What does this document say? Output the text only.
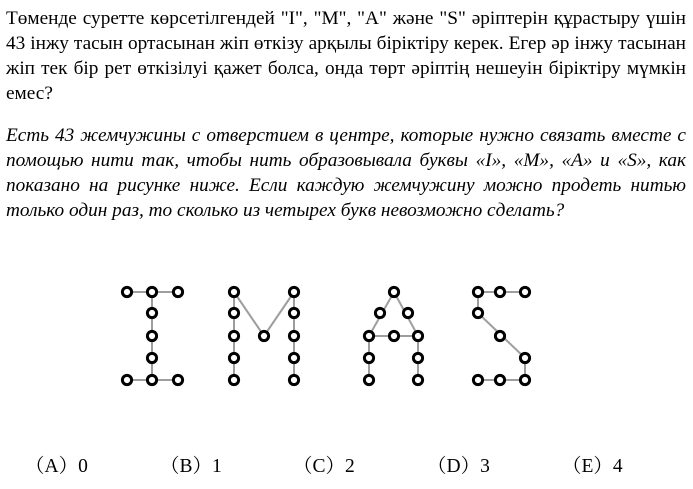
Төменде суретте көрсетілгендей "I", "M", "A" және "S" әріптерін құрастыру үшін 43 інжу тасын ортасынан жіп өткізу арқылы біріктіру керек. Егер әр інжу тасынан жіп тек бір рет өткізілуі қажет болса, онда төрт әріптің нешеуін біріктіру мүмкін емес?

Есть 43 жемчужины с отверстием в центре, которые нужно связать вместе с помощью нити так, чтобы нить образовывала буквы «I», «M», «A» и «S», как показано на рисунке ниже. Если каждую жемчужину можно продеть нитью только один раз, то сколько из четырех букв невозможно сделать?

（A）0	（B）1	（C）2	（D）3	（E）4
